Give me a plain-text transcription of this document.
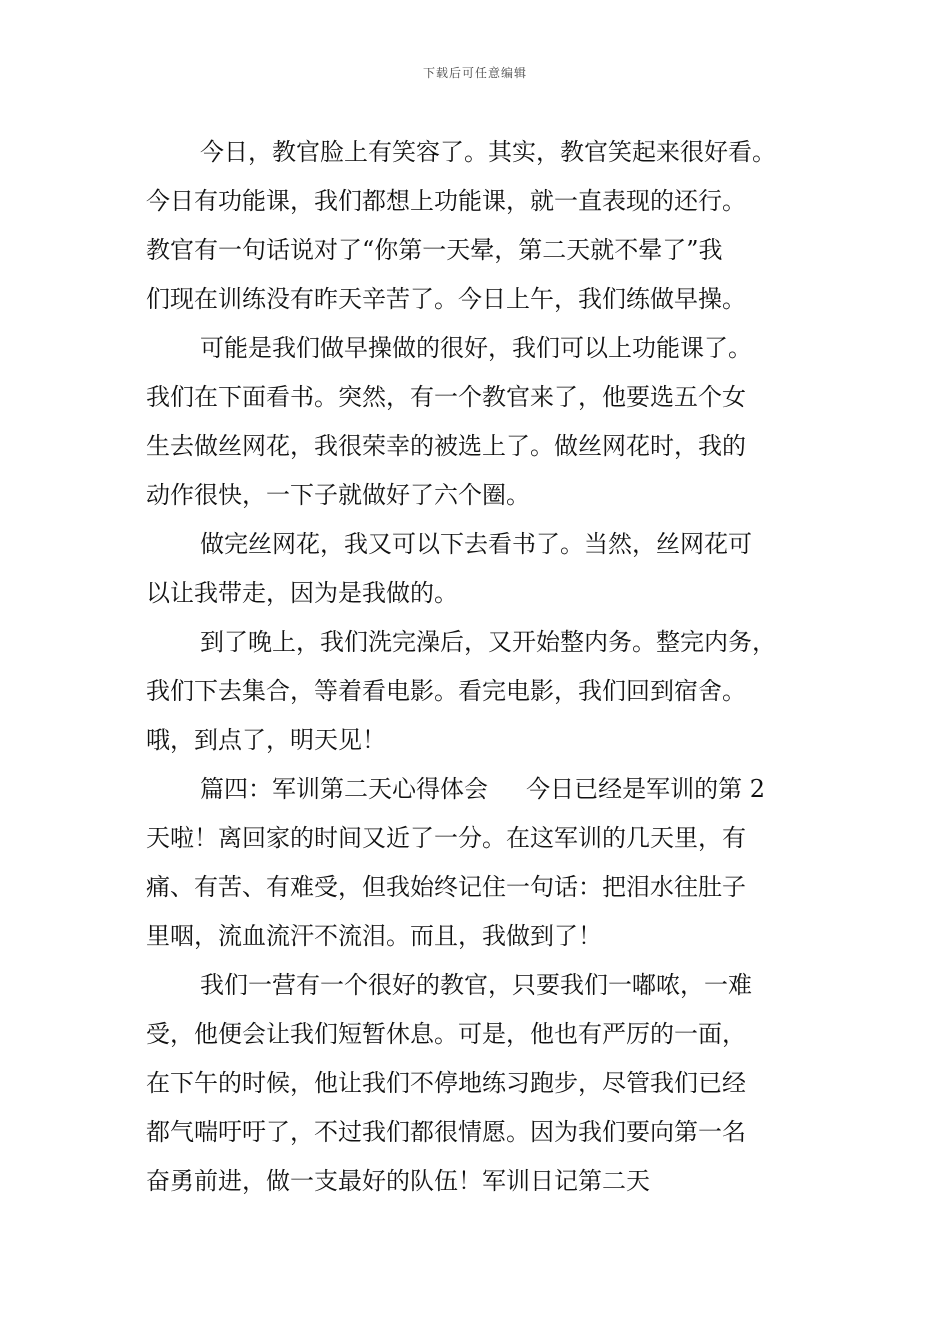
下载后可任意编辑
今日，教官脸上有笑容了。其实，教官笑起来很好看。
今日有功能课，我们都想上功能课，就一直表现的还行。
教官有一句话说对了“你第一天晕，第二天就不晕了”我
们现在训练没有昨天辛苦了。今日上午，我们练做早操。
可能是我们做早操做的很好，我们可以上功能课了。
我们在下面看书。突然，有一个教官来了，他要选五个女
生去做丝网花，我很荣幸的被选上了。做丝网花时，我的
动作很快，一下子就做好了六个圈。
做完丝网花，我又可以下去看书了。当然，丝网花可
以让我带走，因为是我做的。
到了晚上，我们洗完澡后，又开始整内务。整完内务，
我们下去集合，等着看电影。看完电影，我们回到宿舍。
哦，到点了，明天见！
篇四：军训第二天心得体会     今日已经是军训的第 2
天啦！离回家的时间又近了一分。在这军训的几天里，有
痛、有苦、有难受，但我始终记住一句话：把泪水往肚子
里咽，流血流汗不流泪。而且，我做到了！
我们一营有一个很好的教官，只要我们一嘟哝，一难
受，他便会让我们短暂休息。可是，他也有严厉的一面，
在下午的时候，他让我们不停地练习跑步，尽管我们已经
都气喘吁吁了，不过我们都很情愿。因为我们要向第一名
奋勇前进，做一支最好的队伍！军训日记第二天
